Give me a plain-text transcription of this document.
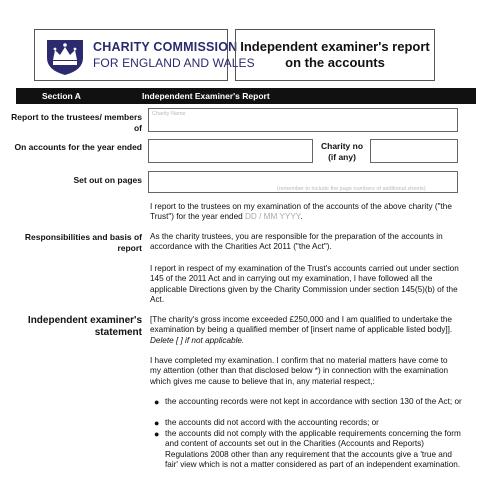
CHARITY COMMISSION
FOR ENGLAND AND WALES
Independent examiner's report on the accounts
Section A	Independent Examiner's Report
Report to the trustees/ members of
Charity Name
On accounts for the year ended	Charity no (if any)
Set out on pages
(remember to include the page numbers of additional sheets)
I report to the trustees on my examination of the accounts of the above charity ("the Trust") for the year ended DD / MM YYYY.
Responsibilities and basis of report
As the charity trustees, you are responsible for the preparation of the accounts in accordance with the Charities Act 2011 ("the Act").
I report in respect of my examination of the Trust's accounts carried out under section 145 of the 2011 Act and in carrying out my examination, I have followed all the applicable Directions given by the Charity Commission under section 145(5)(b) of the Act.
Independent examiner's statement
[The charity's gross income exceeded £250,000 and I am qualified to undertake the examination by being a qualified member of [insert name of applicable listed body]]. Delete [ ] if not applicable.
I have completed my examination. I confirm that no material matters have come to my attention (other than that disclosed below *) in connection with the examination which gives me cause to believe that in, any material respect,:
● the accounting records were not kept in accordance with section 130 of the Act; or
● the accounts did not accord with the accounting records; or
● the accounts did not comply with the applicable requirements concerning the form and content of accounts set out in the Charities (Accounts and Reports) Regulations 2008 other than any requirement that the accounts give a 'true and fair' view which is not a matter considered as part of an independent examination.
